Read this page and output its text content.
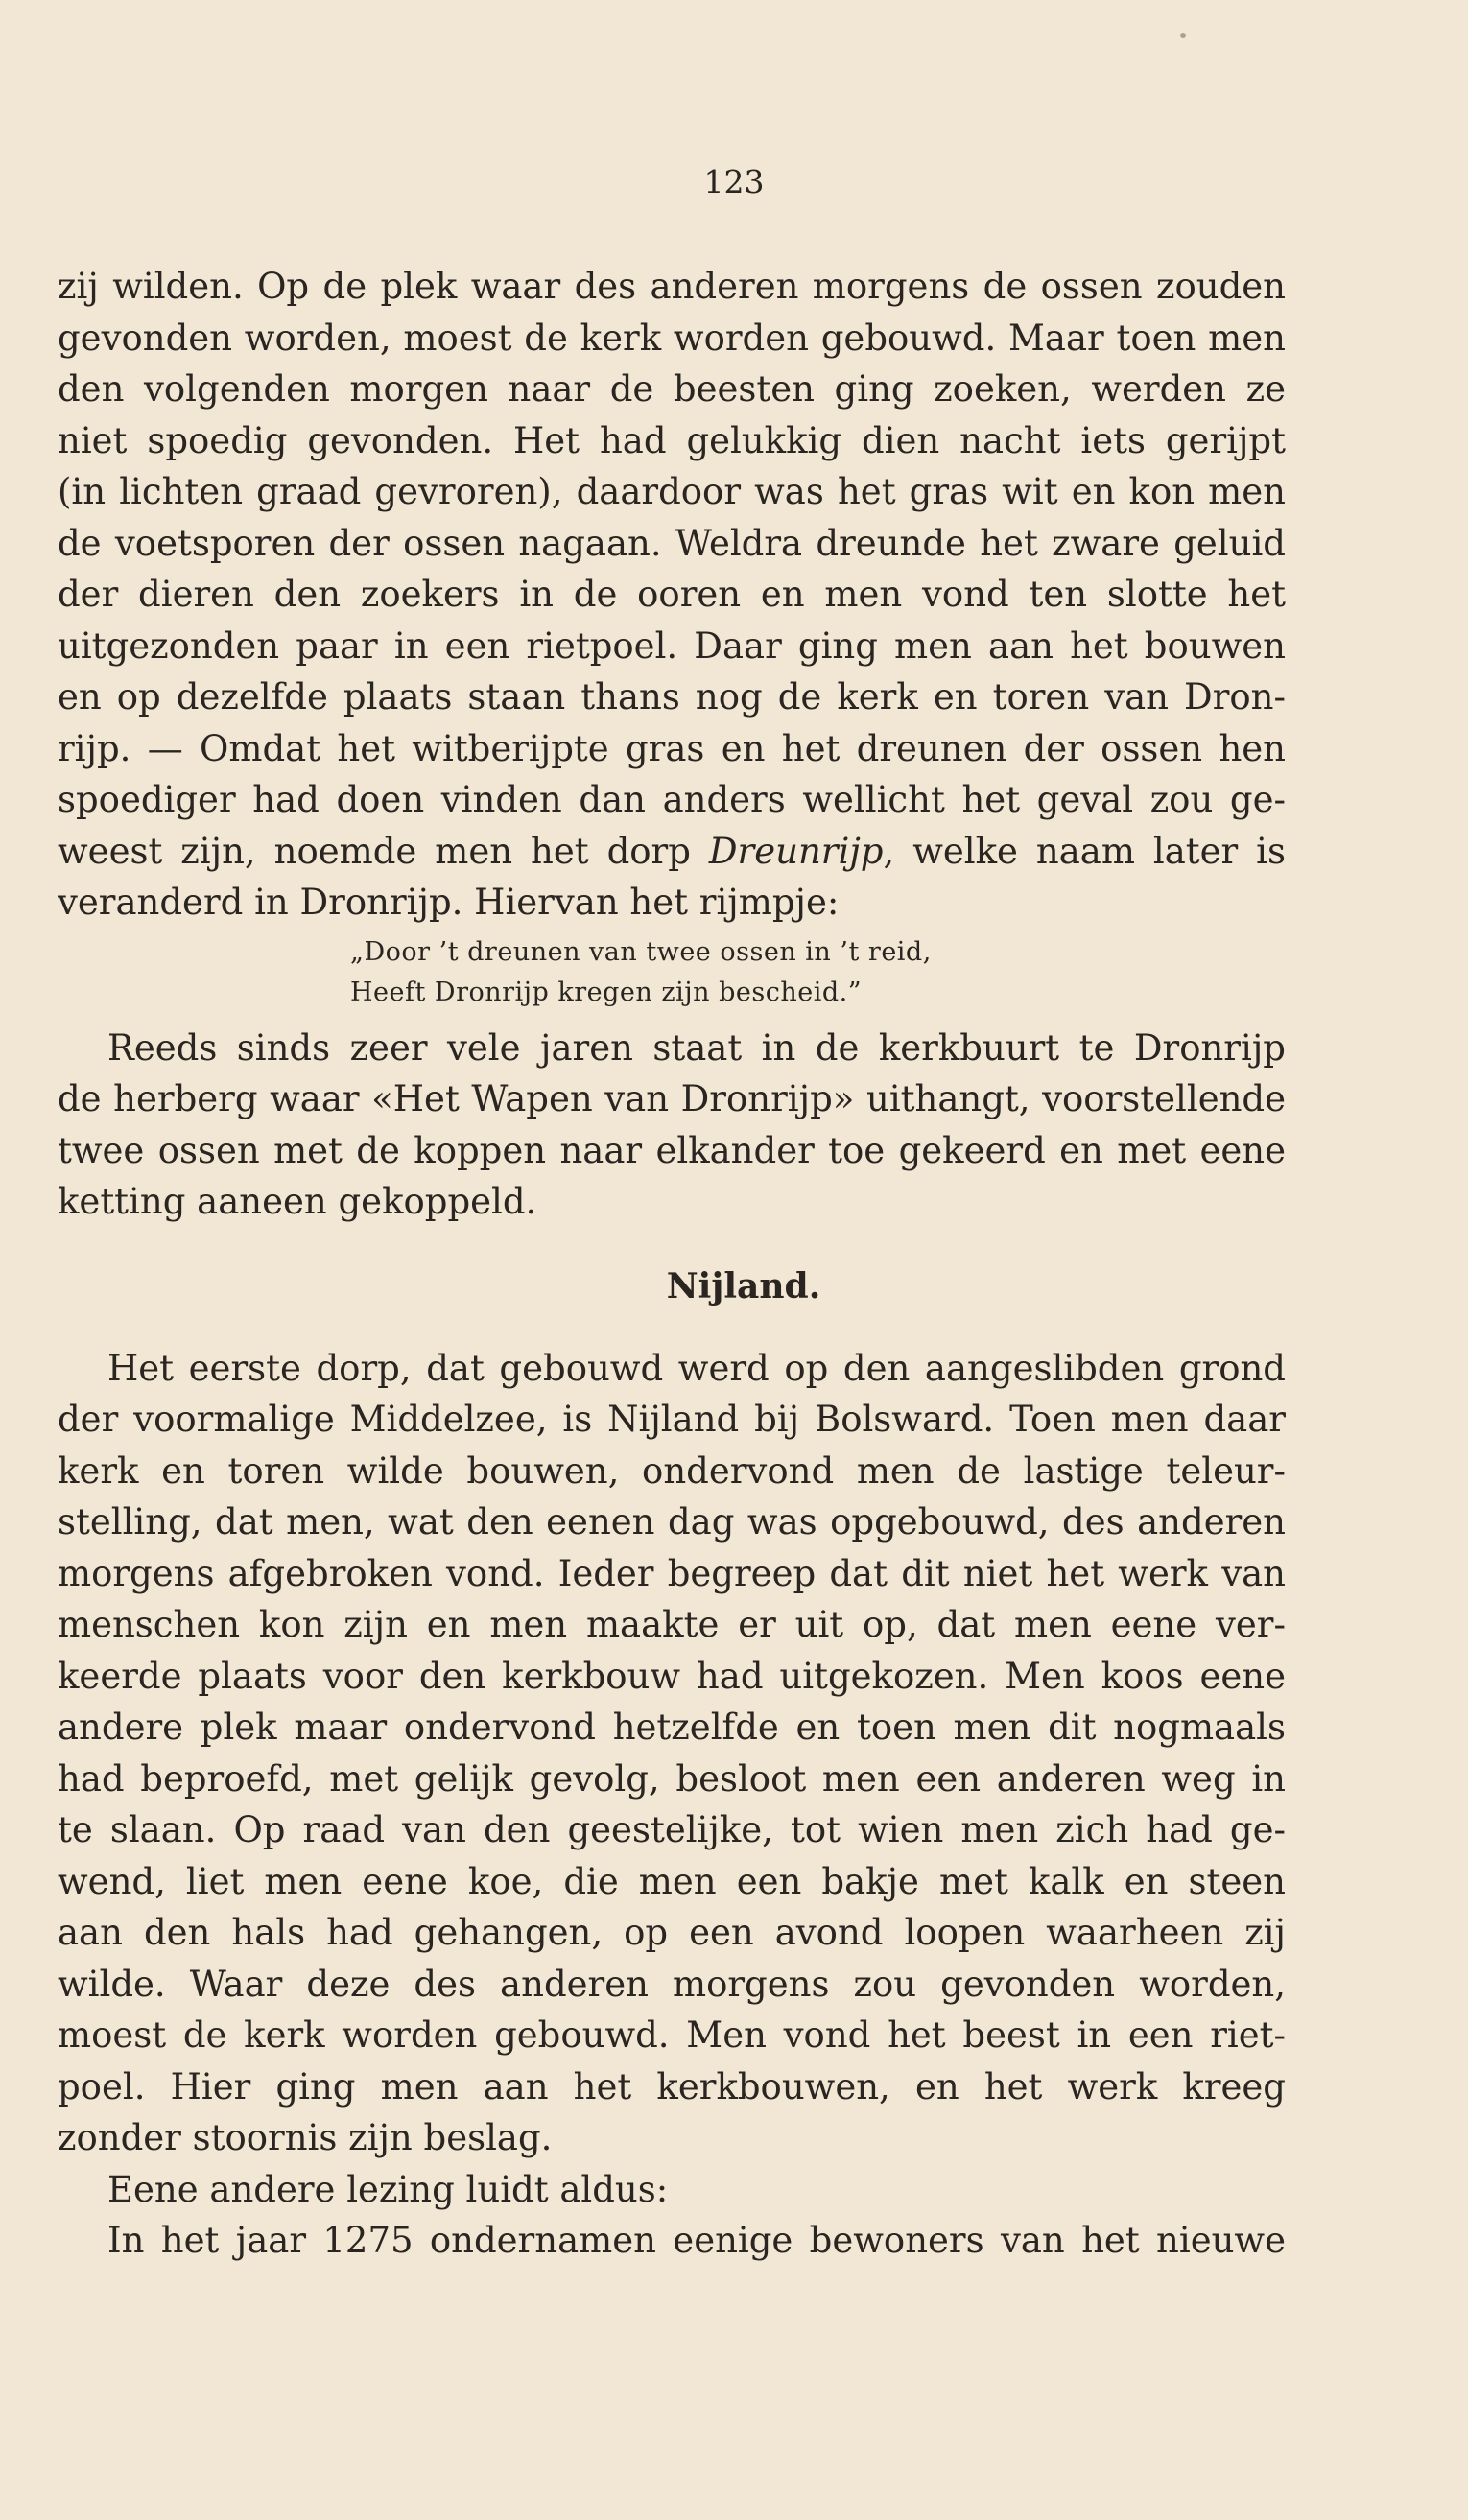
123
zij wilden. Op de plek waar des anderen morgens de ossen zouden
gevonden worden, moest de kerk worden gebouwd. Maar toen men
den volgenden morgen naar de beesten ging zoeken, werden ze
niet spoedig gevonden. Het had gelukkig dien nacht iets gerijpt
(in lichten graad gevroren), daardoor was het gras wit en kon men
de voetsporen der ossen nagaan. Weldra dreunde het zware geluid
der dieren den zoekers in de ooren en men vond ten slotte het
uitgezonden paar in een rietpoel. Daar ging men aan het bouwen
en op dezelfde plaats staan thans nog de kerk en toren van Dron-
rijp. — Omdat het witberijpte gras en het dreunen der ossen hen
spoediger had doen vinden dan anders wellicht het geval zou ge-
weest zijn, noemde men het dorp Dreunrijp, welke naam later is
veranderd in Dronrijp. Hiervan het rijmpje:
„Door ’t dreunen van twee ossen in ’t reid,
Heeft Dronrijp kregen zijn bescheid.”
Reeds sinds zeer vele jaren staat in de kerkbuurt te Dronrijp
de herberg waar «Het Wapen van Dronrijp» uithangt, voorstellende
twee ossen met de koppen naar elkander toe gekeerd en met eene
ketting aaneen gekoppeld.
Nijland.
Het eerste dorp, dat gebouwd werd op den aangeslibden grond
der voormalige Middelzee, is Nijland bij Bolsward. Toen men daar
kerk en toren wilde bouwen, ondervond men de lastige teleur-
stelling, dat men, wat den eenen dag was opgebouwd, des anderen
morgens afgebroken vond. Ieder begreep dat dit niet het werk van
menschen kon zijn en men maakte er uit op, dat men eene ver-
keerde plaats voor den kerkbouw had uitgekozen. Men koos eene
andere plek maar ondervond hetzelfde en toen men dit nogmaals
had beproefd, met gelijk gevolg, besloot men een anderen weg in
te slaan. Op raad van den geestelijke, tot wien men zich had ge-
wend, liet men eene koe, die men een bakje met kalk en steen
aan den hals had gehangen, op een avond loopen waarheen zij
wilde. Waar deze des anderen morgens zou gevonden worden,
moest de kerk worden gebouwd. Men vond het beest in een riet-
poel. Hier ging men aan het kerkbouwen, en het werk kreeg
zonder stoornis zijn beslag.
Eene andere lezing luidt aldus:
In het jaar 1275 ondernamen eenige bewoners van het nieuwe
